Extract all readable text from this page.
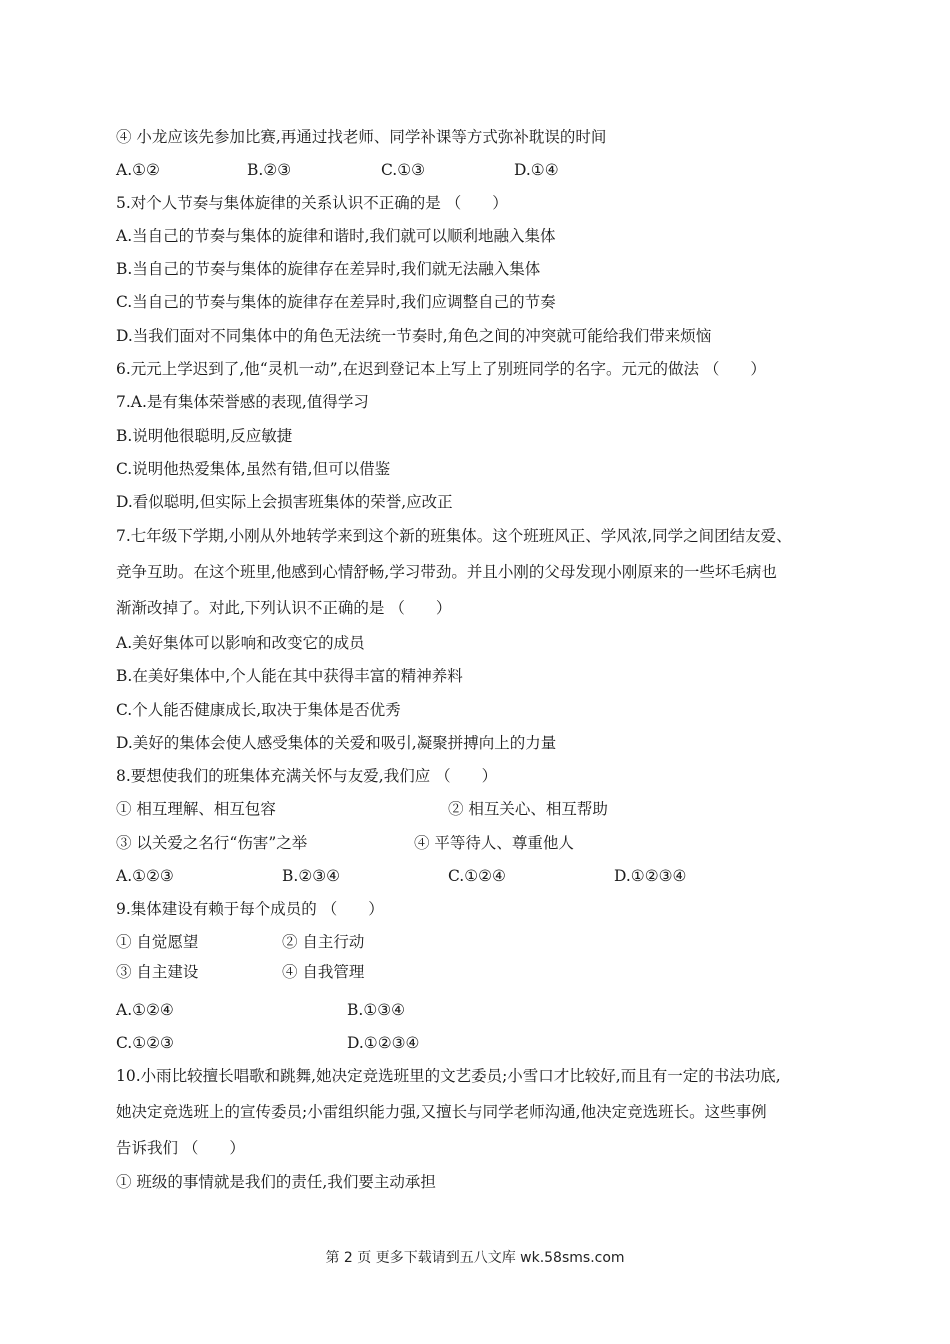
④ 小龙应该先参加比赛,再通过找老师、同学补课等方式弥补耽误的时间
A.①②	B.②③	C.①③	D.①④
5.对个人节奏与集体旋律的关系认识不正确的是 （　　）
A.当自己的节奏与集体的旋律和谐时,我们就可以顺利地融入集体
B.当自己的节奏与集体的旋律存在差异时,我们就无法融入集体
C.当自己的节奏与集体的旋律存在差异时,我们应调整自己的节奏
D.当我们面对不同集体中的角色无法统一节奏时,角色之间的冲突就可能给我们带来烦恼
6.元元上学迟到了,他“灵机一动”,在迟到登记本上写上了别班同学的名字。元元的做法 （　　）
7.A.是有集体荣誉感的表现,值得学习
B.说明他很聪明,反应敏捷
C.说明他热爱集体,虽然有错,但可以借鉴
D.看似聪明,但实际上会损害班集体的荣誉,应改正
7.七年级下学期,小刚从外地转学来到这个新的班集体。这个班班风正、学风浓,同学之间团结友爱、
竞争互助。在这个班里,他感到心情舒畅,学习带劲。并且小刚的父母发现小刚原来的一些坏毛病也
渐渐改掉了。对此,下列认识不正确的是 （　　）
A.美好集体可以影响和改变它的成员
B.在美好集体中,个人能在其中获得丰富的精神养料
C.个人能否健康成长,取决于集体是否优秀
D.美好的集体会使人感受集体的关爱和吸引,凝聚拼搏向上的力量
8.要想使我们的班集体充满关怀与友爱,我们应 （　　）
① 相互理解、相互包容	② 相互关心、相互帮助
③ 以关爱之名行“伤害”之举	④ 平等待人、尊重他人
A.①②③	B.②③④	C.①②④	D.①②③④
9.集体建设有赖于每个成员的 （　　）
① 自觉愿望	② 自主行动
③ 自主建设	④ 自我管理
A.①②④	B.①③④
C.①②③	D.①②③④
10.小雨比较擅长唱歌和跳舞,她决定竞选班里的文艺委员;小雪口才比较好,而且有一定的书法功底,
她决定竞选班上的宣传委员;小雷组织能力强,又擅长与同学老师沟通,他决定竞选班长。这些事例
告诉我们 （　　）
① 班级的事情就是我们的责任,我们要主动承担
第 2 页 更多下载请到五八文库 wk.58sms.com
